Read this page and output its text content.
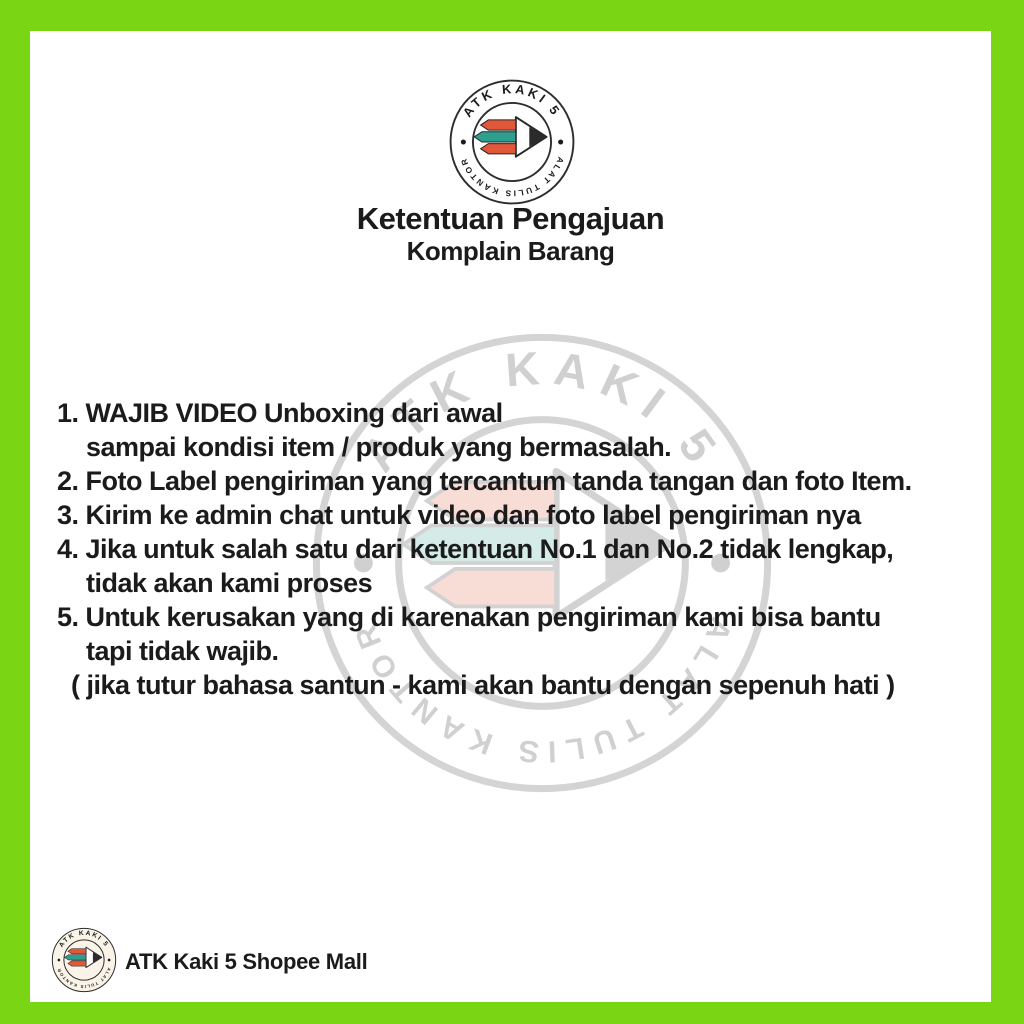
Ketentuan Pengajuan
Komplain Barang
1. WAJIB VIDEO Unboxing dari awal
sampai kondisi item / produk yang bermasalah.
2. Foto Label pengiriman yang tercantum tanda tangan dan foto Item.
3. Kirim ke admin chat untuk video dan foto label pengiriman nya
4. Jika untuk salah satu dari ketentuan No.1 dan No.2 tidak lengkap,
tidak akan kami proses
5. Untuk kerusakan yang di karenakan pengiriman kami bisa bantu
tapi tidak wajib.
( jika tutur bahasa santun - kami akan bantu dengan sepenuh hati )
ATK Kaki 5 Shopee Mall
